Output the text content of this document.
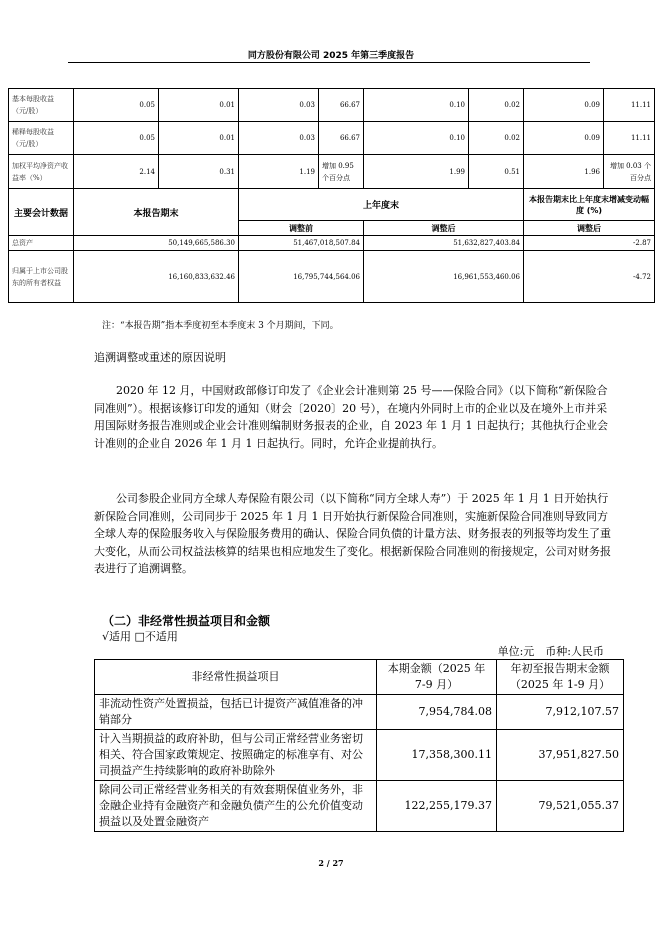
同方股份有限公司 2025 年第三季度报告
基本每股收益（元/股）	0.05	0.01	0.03	66.67	0.10	0.02	0.09	11.11
稀释每股收益（元/股）	0.05	0.01	0.03	66.67	0.10	0.02	0.09	11.11
加权平均净资产收益率（%）	2.14	0.31	1.19	增加 0.95 个百分点	1.99	0.51	1.96	增加 0.03 个百分点
主要会计数据	本报告期末		上年度末				本报告期末比上年度末增减变动幅度 (%)	
			调整前		调整后		调整后	
总资产	50,149,665,586.30		51,467,018,507.84		51,632,827,403.84		-2.87	
归属于上市公司股东的所有者权益	16,160,833,632.46		16,795,744,564.06		16,961,553,460.06		-4.72	
注：“本报告期”指本季度初至本季度末 3 个月期间，下同。
追溯调整或重述的原因说明
2020 年 12 月，中国财政部修订印发了《企业会计准则第 25 号——保险合同》（以下简称“新保险合同准则”）。根据该修订印发的通知（财会〔2020〕20 号），在境内外同时上市的企业以及在境外上市并采用国际财务报告准则或企业会计准则编制财务报表的企业，自 2023 年 1 月 1 日起执行；其他执行企业会计准则的企业自 2026 年 1 月 1 日起执行。同时，允许企业提前执行。
公司参股企业同方全球人寿保险有限公司（以下简称“同方全球人寿”）于 2025 年 1 月 1 日开始执行新保险合同准则，公司同步于 2025 年 1 月 1 日开始执行新保险合同准则，实施新保险合同准则导致同方全球人寿的保险服务收入与保险服务费用的确认、保险合同负债的计量方法、财务报表的列报等均发生了重大变化，从而公司权益法核算的结果也相应地发生了变化。根据新保险合同准则的衔接规定，公司对财务报表进行了追溯调整。
（二）非经常性损益项目和金额
√适用 □不适用
单位:元　币种:人民币
非经常性损益项目	本期金额（2025 年 7-9 月）	年初至报告期末金额（2025 年 1-9 月）
非流动性资产处置损益，包括已计提资产减值准备的冲销部分	7,954,784.08	7,912,107.57
计入当期损益的政府补助，但与公司正常经营业务密切相关、符合国家政策规定、按照确定的标准享有、对公司损益产生持续影响的政府补助除外	17,358,300.11	37,951,827.50
除同公司正常经营业务相关的有效套期保值业务外，非金融企业持有金融资产和金融负债产生的公允价值变动损益以及处置金融资产	122,255,179.37	79,521,055.37
2 / 27
